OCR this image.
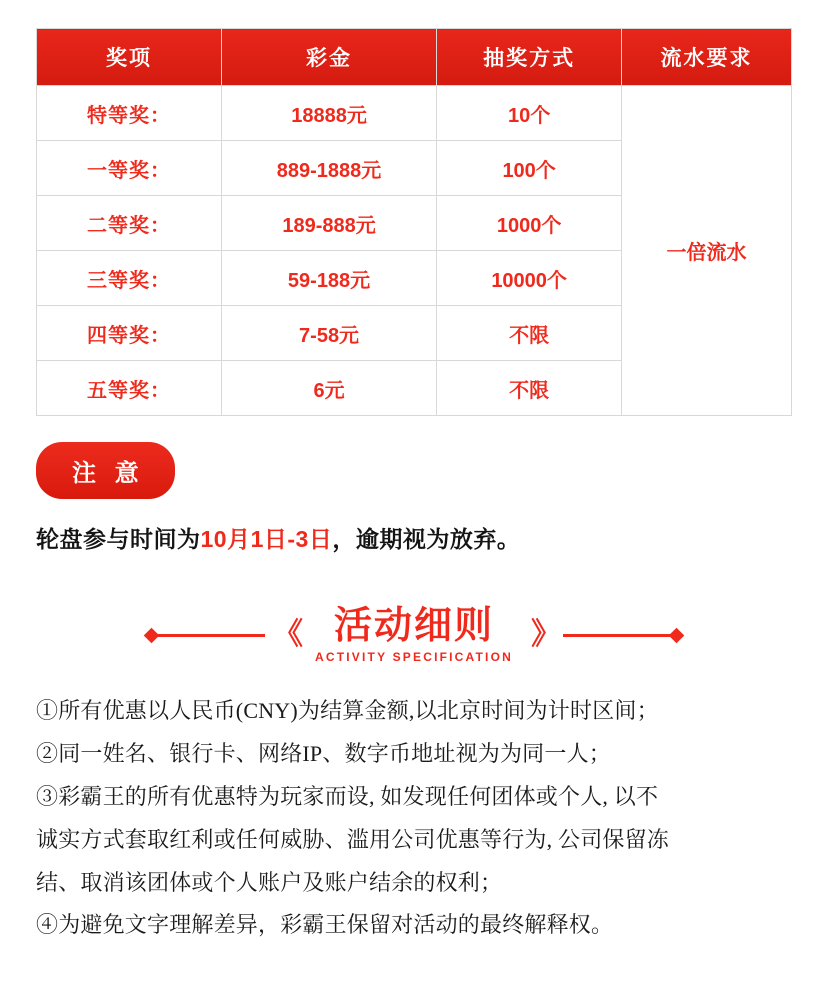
奖项	彩金	抽奖方式	流水要求
特等奖：	18888元	10个	一倍流水
一等奖：	889-1888元	100个	
二等奖：	189-888元	1000个	
三等奖：	59-188元	10000个	
四等奖：	7-58元	不限	
五等奖：	6元	不限	
注 意
轮盘参与时间为10月1日-3日，逾期视为放弃。
《 活动细则
ACTIVITY SPECIFICATION
》
①所有优惠以人民币(CNY)为结算金额,以北京时间为计时区间；
②同一姓名、银行卡、网络IP、数字币地址视为为同一人；
③彩霸王的所有优惠特为玩家而设, 如发现任何团体或个人, 以不
诚实方式套取红利或任何威胁、滥用公司优惠等行为, 公司保留冻
结、取消该团体或个人账户及账户结余的权利；
④为避免文字理解差异，彩霸王保留对活动的最终解释权。
